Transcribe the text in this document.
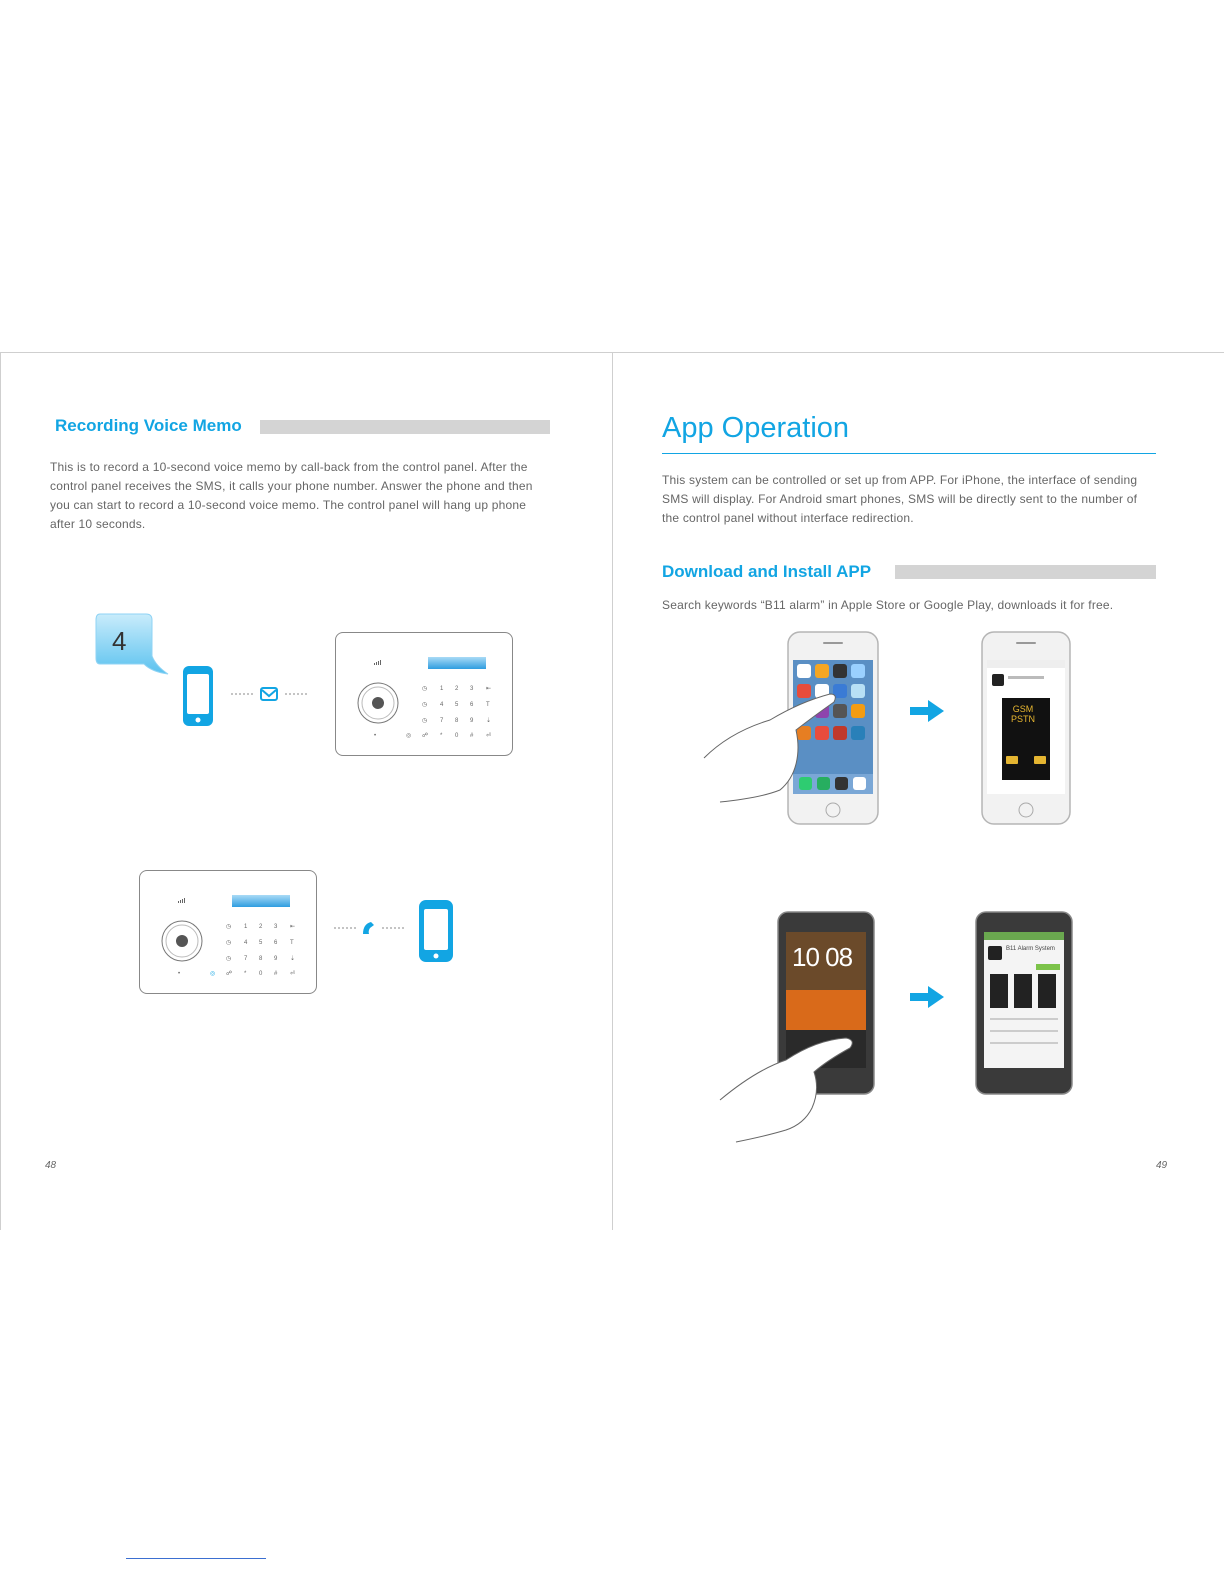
Recording Voice Memo
This is to record a 10-second voice memo by call-back from the control panel. After the control panel receives the SMS, it calls your phone number. Answer the phone and then you can start to record a 10-second voice memo. The control panel will hang up phone after 10 seconds.
4
◷ 1 2 3 ⇤
◷ 4 5 6 T
◷ 7 8 9 ⇣
•	◎ ☍ * 0 # ⏎
◷ 1 2 3 ⇤
◷ 4 5 6 T
◷ 7 8 9 ⇣
•	◎ ☍ * 0 # ⏎
48
App Operation
This system can be controlled or set up from APP. For iPhone, the interface of sending SMS will display. For Android smart phones, SMS will be directly sent to the number of the control panel without interface redirection.
Download and Install APP
Search keywords “B11 alarm” in Apple Store or Google Play, downloads it for free.
GSM PSTN
10 08	B11 Alarm System
49
